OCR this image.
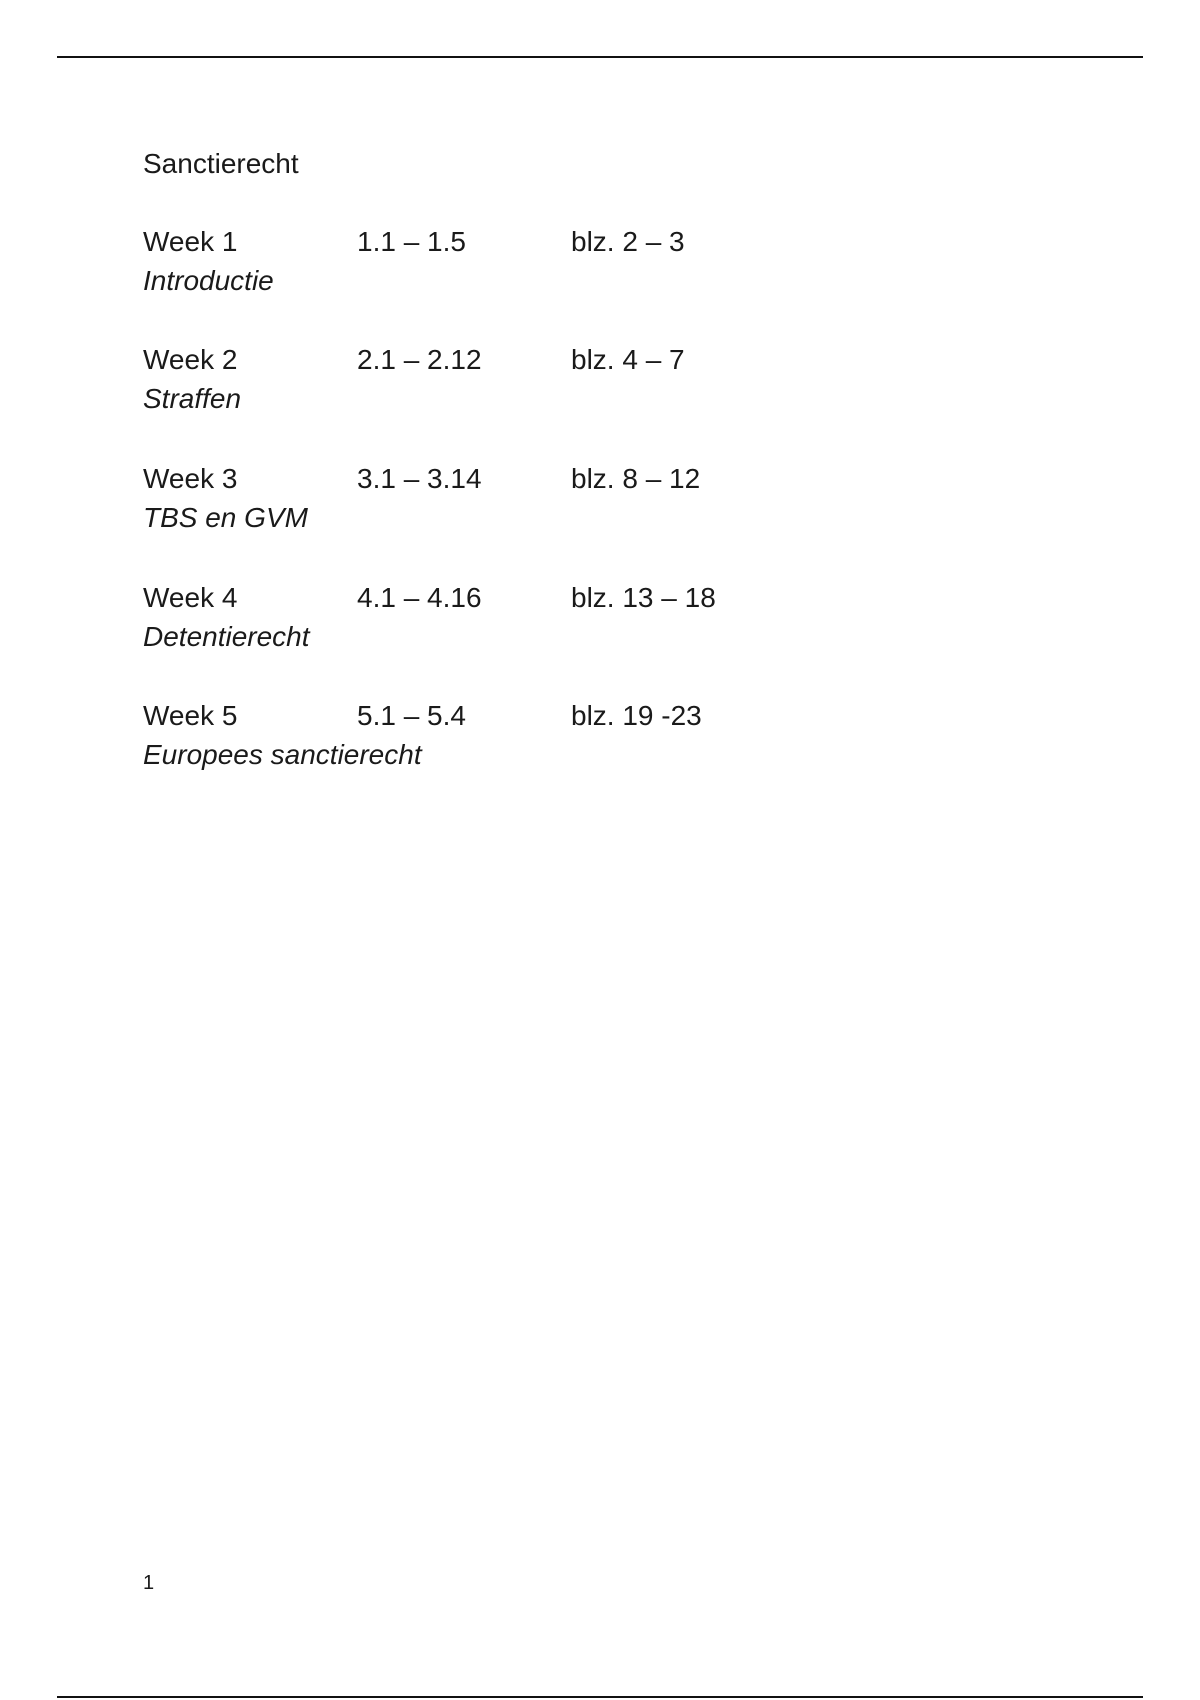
Sanctierecht
Week 1	1.1 – 1.5	blz. 2 – 3
Introductie
Week 2	2.1 – 2.12	blz. 4 – 7
Straffen
Week 3	3.1 – 3.14	blz. 8 – 12
TBS en GVM
Week 4	4.1 – 4.16	blz. 13 – 18
Detentierecht
Week 5	5.1 – 5.4	blz. 19 -23
Europees sanctierecht
1
